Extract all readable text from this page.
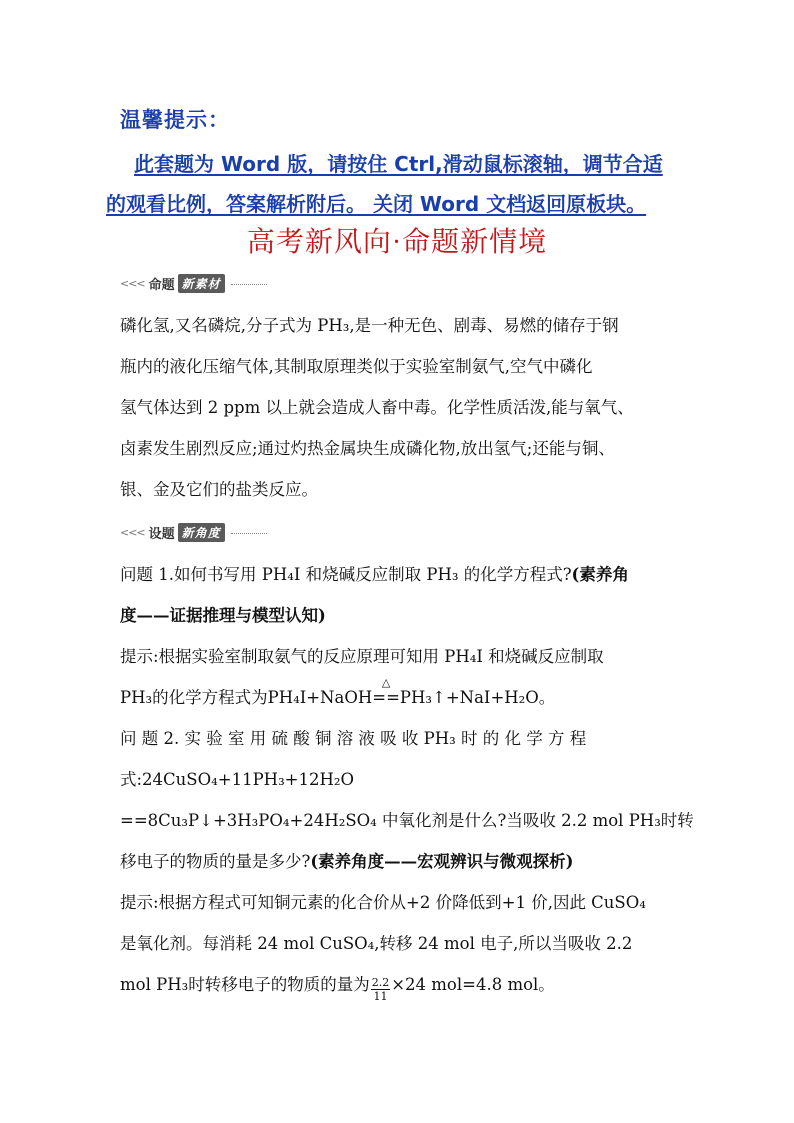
温馨提示：

此套题为 Word 版，请按住 Ctrl,滑动鼠标滚轴，调节合适
的观看比例，答案解析附后。 关闭 Word 文档返回原板块。

高考新风向·命题新情境
<<< 命题 新素材
磷化氢,又名磷烷,分子式为 PH₃,是一种无色、剧毒、易燃的储存于钢
瓶内的液化压缩气体,其制取原理类似于实验室制氨气,空气中磷化
氢气体达到 2 ppm 以上就会造成人畜中毒。化学性质活泼,能与氧气、
卤素发生剧烈反应;通过灼热金属块生成磷化物,放出氢气;还能与铜、
银、金及它们的盐类反应。
<<< 设题 新角度
问题 1.如何书写用 PH₄I 和烧碱反应制取 PH₃ 的化学方程式?(素养角
度——证据推理与模型认知)
提示:根据实验室制取氨气的反应原理可知用 PH₄I 和烧碱反应制取
PH₃的化学方程式为PH₄I+NaOH==
△
PH₃↑+NaI+H₂O。
问 题 2. 实 验 室 用 硫 酸 铜 溶 液 吸 收 PH₃ 时 的 化 学 方 程
式:24CuSO₄+11PH₃+12H₂O
==8Cu₃P↓+3H₃PO₄+24H₂SO₄ 中氧化剂是什么?当吸收 2.2 mol PH₃时转
移电子的物质的量是多少?(素养角度——宏观辨识与微观探析)
提示:根据方程式可知铜元素的化合价从+2 价降低到+1 价,因此 CuSO₄
是氧化剂。每消耗 24 mol CuSO₄,转移 24 mol 电子,所以当吸收 2.2
mol PH₃时转移电子的物质的量为 $\frac{2.2}{11} \times 24$ mol=4.8 mol。
